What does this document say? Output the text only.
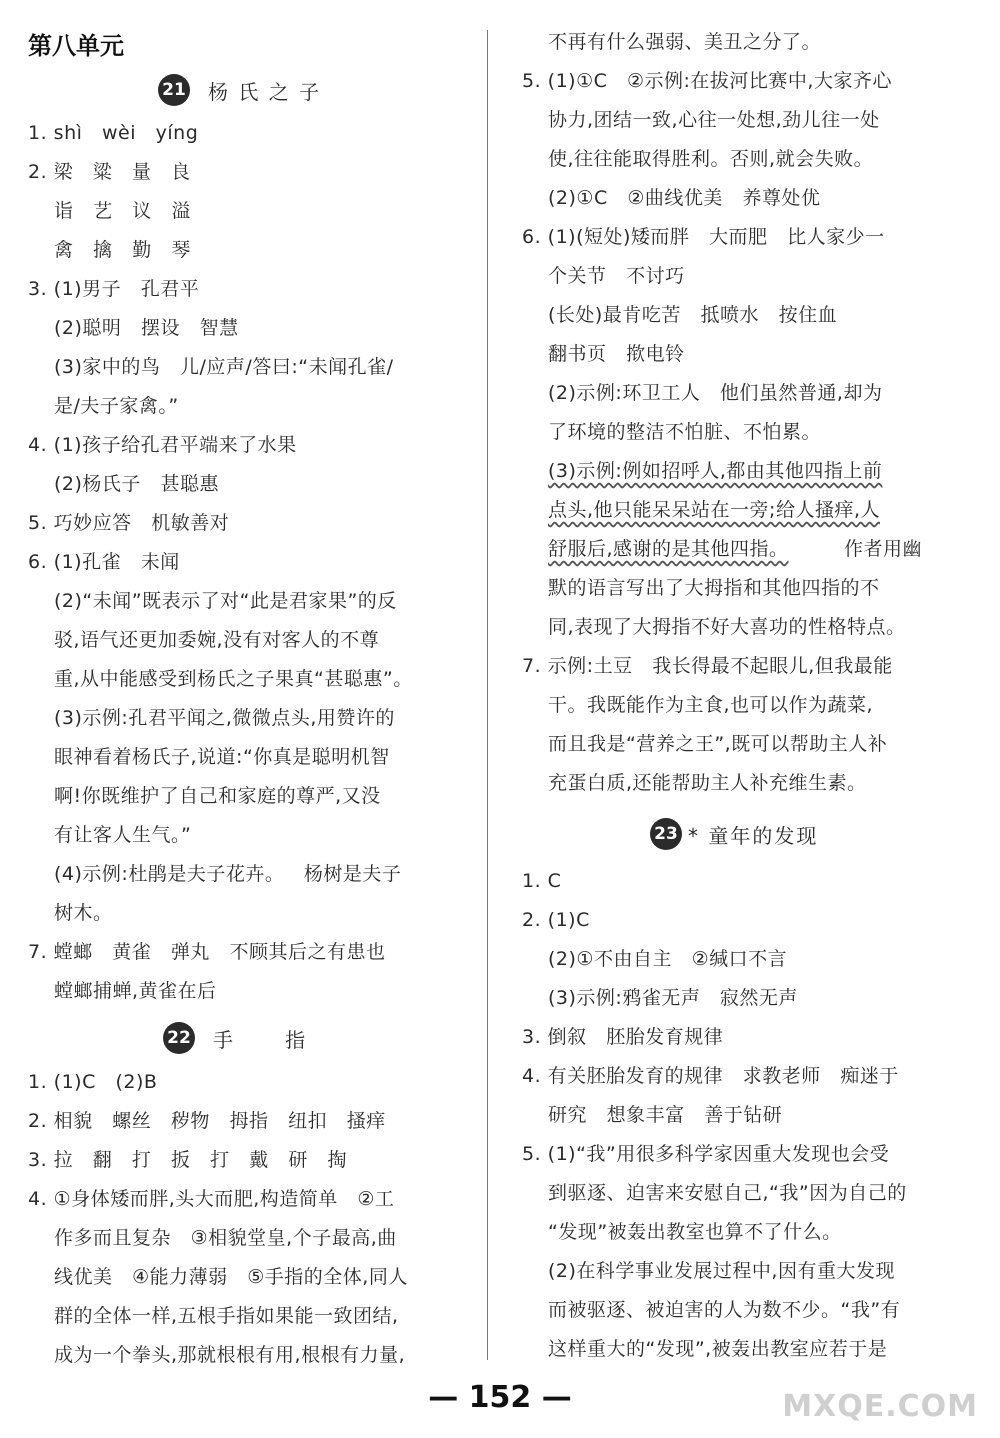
第八单元
21 杨 氏 之 子
1. shì   wèi   yíng
2. 梁   粱   量   良
诣   艺   议   溢
禽   擒   勤   琴
3. (1)男子   孔君平
(2)聪明   摆设   智慧
(3)家中的鸟   儿/应声/答曰:“未闻孔雀/
是/夫子家禽。”
4. (1)孩子给孔君平端来了水果
(2)杨氏子   甚聪惠
5. 巧妙应答   机敏善对
6. (1)孔雀   未闻
(2)“未闻”既表示了对“此是君家果”的反
驳,语气还更加委婉,没有对客人的不尊
重,从中能感受到杨氏之子果真“甚聪惠”。
(3)示例:孔君平闻之,微微点头,用赞许的
眼神看着杨氏子,说道:“你真是聪明机智
啊!你既维护了自己和家庭的尊严,又没
有让客人生气。”
(4)示例:杜鹃是夫子花卉。   杨树是夫子
树木。
7. 螳螂   黄雀   弹丸   不顾其后之有患也
螳螂捕蝉,黄雀在后
22 手      指
1. (1)C   (2)B
2. 相貌   螺丝   秽物   拇指   纽扣   搔痒
3. 拉   翻   打   扳   打   戴   研   掏
4. ①身体矮而胖,头大而肥,构造简单   ②工
作多而且复杂   ③相貌堂皇,个子最高,曲
线优美   ④能力薄弱   ⑤手指的全体,同人
群的全体一样,五根手指如果能一致团结,
成为一个拳头,那就根根有用,根根有力量,
不再有什么强弱、美丑之分了。
5. (1)①C   ②示例:在拔河比赛中,大家齐心
协力,团结一致,心往一处想,劲儿往一处
使,往往能取得胜利。否则,就会失败。
(2)①C   ②曲线优美   养尊处优
6. (1)(短处)矮而胖   大而肥   比人家少一
个关节   不讨巧
(长处)最肯吃苦   抵喷水   按住血
翻书页   揿电铃
(2)示例:环卫工人   他们虽然普通,却为
了环境的整洁不怕脏、不怕累。
(3)示例:例如招呼人,都由其他四指上前
点头,他只能呆呆站在一旁;给人搔痒,人
舒服后,感谢的是其他四指。	作者用幽
默的语言写出了大拇指和其他四指的不
同,表现了大拇指不好大喜功的性格特点。
7. 示例:土豆   我长得最不起眼儿,但我最能
干。我既能作为主食,也可以作为蔬菜,
而且我是“营养之王”,既可以帮助主人补
充蛋白质,还能帮助主人补充维生素。
23 * 童年的发现
1. C
2. (1)C
(2)①不由自主   ②缄口不言
(3)示例:鸦雀无声   寂然无声
3. 倒叙   胚胎发育规律
4. 有关胚胎发育的规律   求教老师   痴迷于
研究   想象丰富   善于钻研
5. (1)“我”用很多科学家因重大发现也会受
到驱逐、迫害来安慰自己,“我”因为自己的
“发现”被轰出教室也算不了什么。
(2)在科学事业发展过程中,因有重大发现
而被驱逐、被迫害的人为数不少。“我”有
这样重大的“发现”,被轰出教室应若于是
— 152 —	MXQE.COM
